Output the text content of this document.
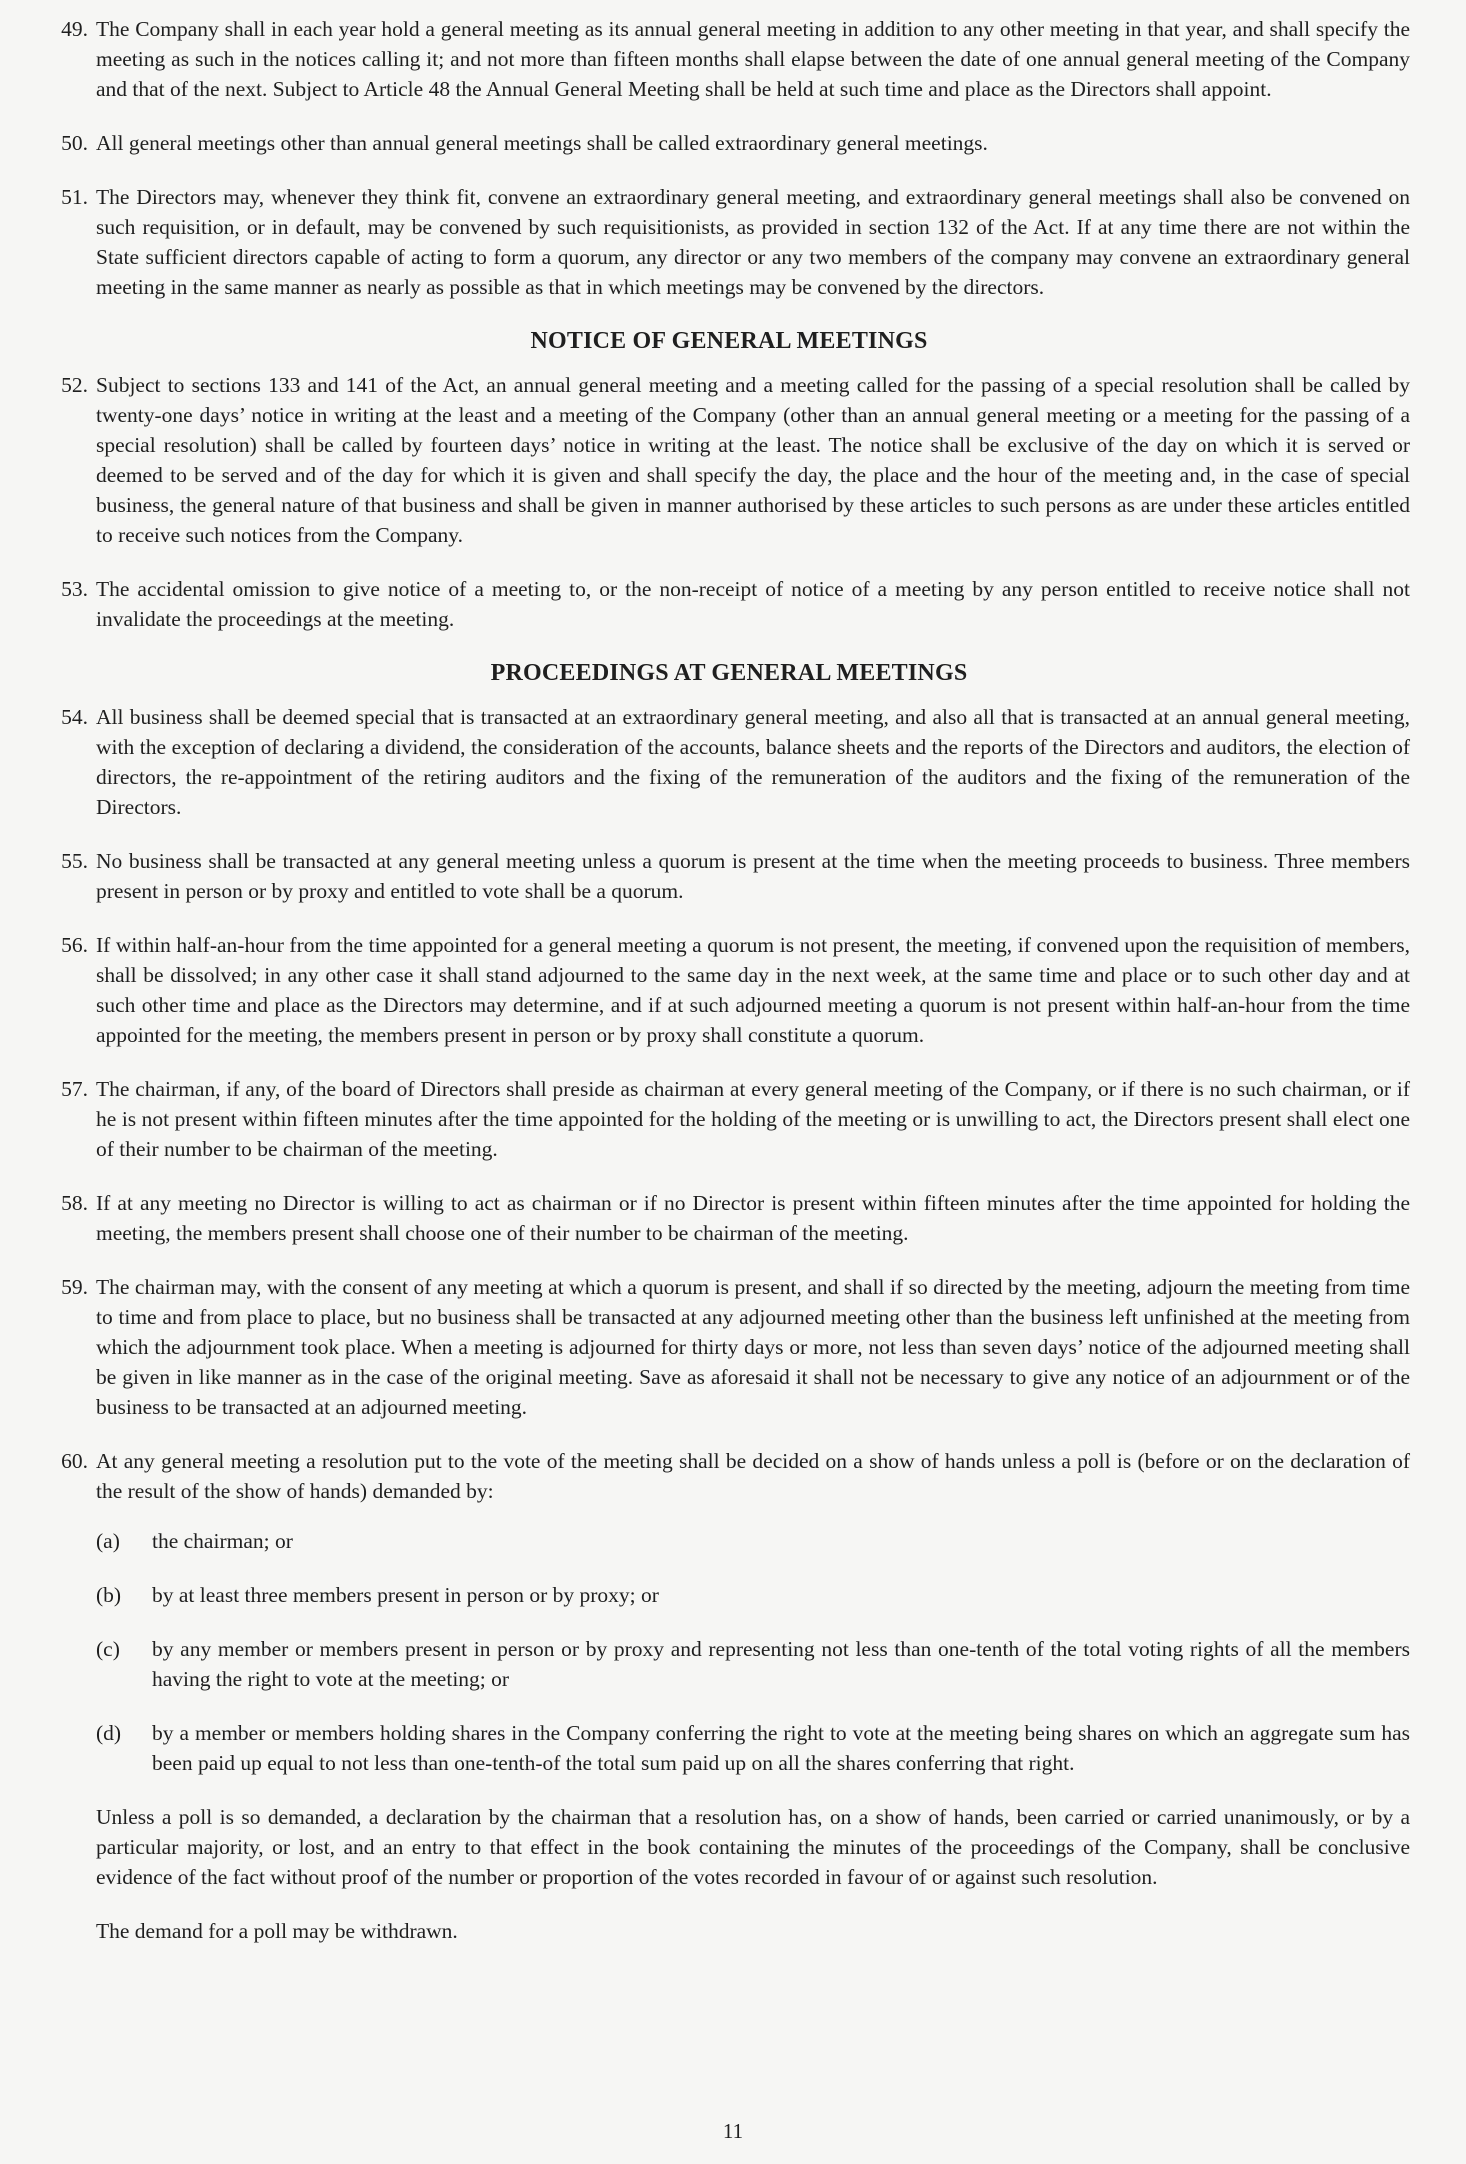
49. The Company shall in each year hold a general meeting as its annual general meeting in addition to any other meeting in that year, and shall specify the meeting as such in the notices calling it; and not more than fifteen months shall elapse between the date of one annual general meeting of the Company and that of the next. Subject to Article 48 the Annual General Meeting shall be held at such time and place as the Directors shall appoint.
50. All general meetings other than annual general meetings shall be called extraordinary general meetings.
51. The Directors may, whenever they think fit, convene an extraordinary general meeting, and extraordinary general meetings shall also be convened on such requisition, or in default, may be convened by such requisitionists, as provided in section 132 of the Act. If at any time there are not within the State sufficient directors capable of acting to form a quorum, any director or any two members of the company may convene an extraordinary general meeting in the same manner as nearly as possible as that in which meetings may be convened by the directors.
NOTICE OF GENERAL MEETINGS
52. Subject to sections 133 and 141 of the Act, an annual general meeting and a meeting called for the passing of a special resolution shall be called by twenty-one days’ notice in writing at the least and a meeting of the Company (other than an annual general meeting or a meeting for the passing of a special resolution) shall be called by fourteen days’ notice in writing at the least. The notice shall be exclusive of the day on which it is served or deemed to be served and of the day for which it is given and shall specify the day, the place and the hour of the meeting and, in the case of special business, the general nature of that business and shall be given in manner authorised by these articles to such persons as are under these articles entitled to receive such notices from the Company.
53. The accidental omission to give notice of a meeting to, or the non-receipt of notice of a meeting by any person entitled to receive notice shall not invalidate the proceedings at the meeting.
PROCEEDINGS AT GENERAL MEETINGS
54. All business shall be deemed special that is transacted at an extraordinary general meeting, and also all that is transacted at an annual general meeting, with the exception of declaring a dividend, the consideration of the accounts, balance sheets and the reports of the Directors and auditors, the election of directors, the re-appointment of the retiring auditors and the fixing of the remuneration of the auditors and the fixing of the remuneration of the Directors.
55. No business shall be transacted at any general meeting unless a quorum is present at the time when the meeting proceeds to business. Three members present in person or by proxy and entitled to vote shall be a quorum.
56. If within half-an-hour from the time appointed for a general meeting a quorum is not present, the meeting, if convened upon the requisition of members, shall be dissolved; in any other case it shall stand adjourned to the same day in the next week, at the same time and place or to such other day and at such other time and place as the Directors may determine, and if at such adjourned meeting a quorum is not present within half-an-hour from the time appointed for the meeting, the members present in person or by proxy shall constitute a quorum.
57. The chairman, if any, of the board of Directors shall preside as chairman at every general meeting of the Company, or if there is no such chairman, or if he is not present within fifteen minutes after the time appointed for the holding of the meeting or is unwilling to act, the Directors present shall elect one of their number to be chairman of the meeting.
58. If at any meeting no Director is willing to act as chairman or if no Director is present within fifteen minutes after the time appointed for holding the meeting, the members present shall choose one of their number to be chairman of the meeting.
59. The chairman may, with the consent of any meeting at which a quorum is present, and shall if so directed by the meeting, adjourn the meeting from time to time and from place to place, but no business shall be transacted at any adjourned meeting other than the business left unfinished at the meeting from which the adjournment took place. When a meeting is adjourned for thirty days or more, not less than seven days’ notice of the adjourned meeting shall be given in like manner as in the case of the original meeting. Save as aforesaid it shall not be necessary to give any notice of an adjournment or of the business to be transacted at an adjourned meeting.
60. At any general meeting a resolution put to the vote of the meeting shall be decided on a show of hands unless a poll is (before or on the declaration of the result of the show of hands) demanded by:
(a)	the chairman; or
(b)	by at least three members present in person or by proxy; or
(c)	by any member or members present in person or by proxy and representing not less than one-tenth of the total voting rights of all the members having the right to vote at the meeting; or
(d)	by a member or members holding shares in the Company conferring the right to vote at the meeting being shares on which an aggregate sum has been paid up equal to not less than one-tenth-of the total sum paid up on all the shares conferring that right.
Unless a poll is so demanded, a declaration by the chairman that a resolution has, on a show of hands, been carried or carried unanimously, or by a particular majority, or lost, and an entry to that effect in the book containing the minutes of the proceedings of the Company, shall be conclusive evidence of the fact without proof of the number or proportion of the votes recorded in favour of or against such resolution.
The demand for a poll may be withdrawn.
11
